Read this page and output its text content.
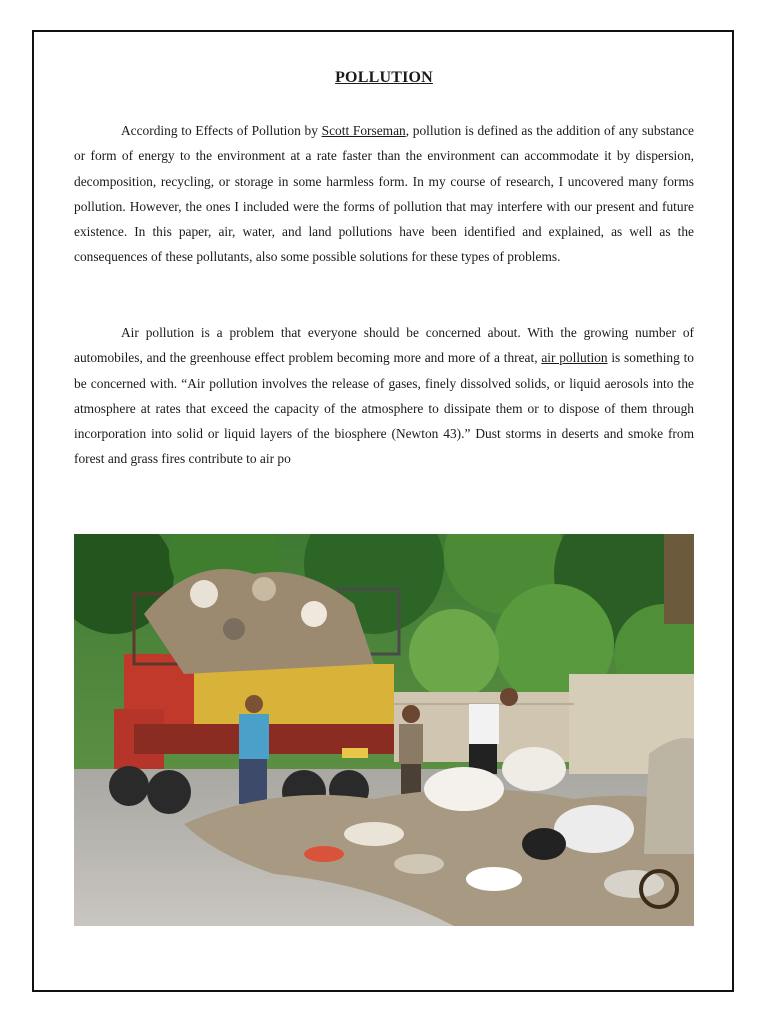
POLLUTION

According to Effects of Pollution by Scott Forseman, pollution is defined as the addition of any substance or form of energy to the environment at a rate faster than the environment can accommodate it by dispersion, decomposition, recycling, or storage in some harmless form. In my course of research, I uncovered many forms pollution. However, the ones I included were the forms of pollution that may interfere with our present and future existence. In this paper, air, water, and land pollutions have been identified and explained, as well as the consequences of these pollutants, also some possible solutions for these types of problems.

Air pollution is a problem that everyone should be concerned about. With the growing number of automobiles, and the greenhouse effect problem becoming more and more of a threat, air pollution is something to be concerned with. “Air pollution involves the release of gases, finely dissolved solids, or liquid aerosols into the atmosphere at rates that exceed the capacity of the atmosphere to dissipate them or to dispose of them through incorporation into solid or liquid layers of the biosphere (Newton 43).” Dust storms in deserts and smoke from forest and grass fires contribute to air po
